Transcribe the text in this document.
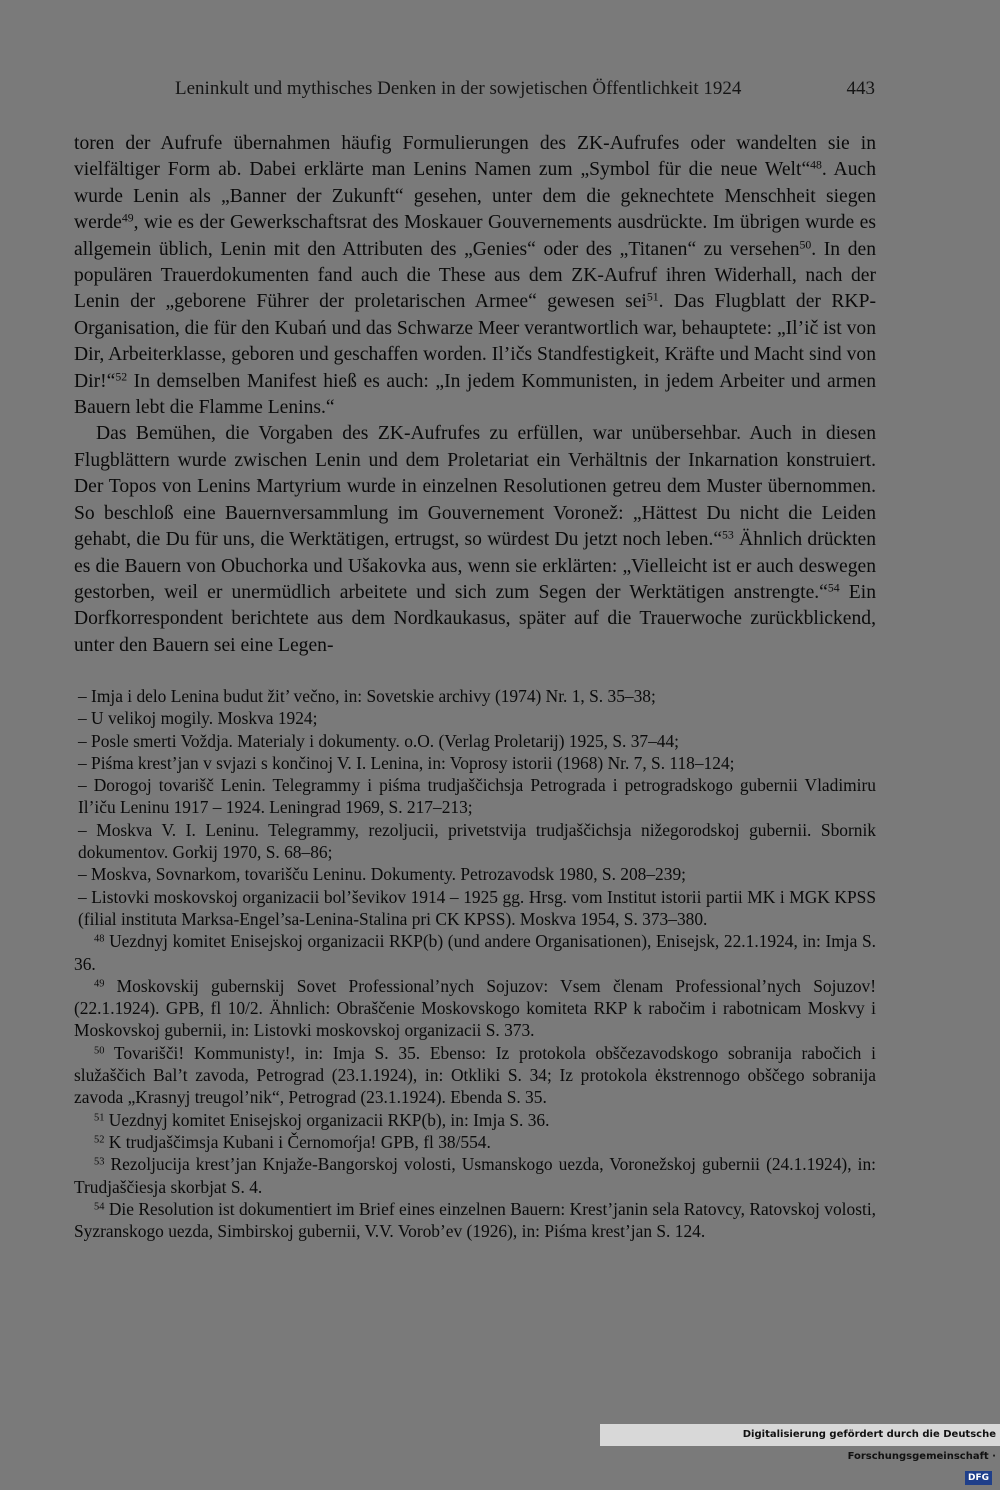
Leninkult und mythisches Denken in der sowjetischen Öffentlichkeit 1924	443

toren der Aufrufe übernahmen häufig Formulierungen des ZK-Aufrufes oder wandelten sie in vielfältiger Form ab. Dabei erklärte man Lenins Namen zum „Symbol für die neue Welt“$^{48}$. Auch wurde Lenin als „Banner der Zukunft“ gesehen, unter dem die geknechtete Menschheit siegen werde$^{49}$, wie es der Gewerkschaftsrat des Moskauer Gouvernements ausdrückte. Im übrigen wurde es allgemein üblich, Lenin mit den Attributen des „Genies“ oder des „Titanen“ zu versehen$^{50}$. In den populären Trauerdokumenten fand auch die These aus dem ZK-Aufruf ihren Widerhall, nach der Lenin der „geborene Führer der proletarischen Armee“ gewesen sei$^{51}$. Das Flugblatt der RKP-Organisation, die für den Kubań und das Schwarze Meer verantwortlich war, behauptete: „Il’ič ist von Dir, Arbeiterklasse, geboren und geschaffen worden. Il’ičs Standfestigkeit, Kräfte und Macht sind von Dir!“$^{52}$ In demselben Manifest hieß es auch: „In jedem Kommunisten, in jedem Arbeiter und armen Bauern lebt die Flamme Lenins.“

Das Bemühen, die Vorgaben des ZK-Aufrufes zu erfüllen, war unübersehbar. Auch in diesen Flugblättern wurde zwischen Lenin und dem Proletariat ein Verhältnis der Inkarnation konstruiert. Der Topos von Lenins Martyrium wurde in einzelnen Resolutionen getreu dem Muster übernommen. So beschloß eine Bauernversammlung im Gouvernement Voronež: „Hättest Du nicht die Leiden gehabt, die Du für uns, die Werktätigen, ertrugst, so würdest Du jetzt noch leben.“$^{53}$ Ähnlich drückten es die Bauern von Obuchorka und Ušakovka aus, wenn sie erklärten: „Vielleicht ist er auch deswegen gestorben, weil er unermüdlich arbeitete und sich zum Segen der Werktätigen anstrengte.“$^{54}$ Ein Dorfkorrespondent berichtete aus dem Nordkaukasus, später auf die Trauerwoche zurückblickend, unter den Bauern sei eine Legen-

– Imja i delo Lenina budut žit’ večno, in: Sovetskie archivy (1974) Nr. 1, S. 35–38;
– U velikoj mogily. Moskva 1924;
– Posle smerti Voždja. Materialy i dokumenty. o.O. (Verlag Proletarij) 1925, S. 37–44;
– Piśma krest’jan v svjazi s končinoj V. I. Lenina, in: Voprosy istorii (1968) Nr. 7, S. 118–124;
– Dorogoj tovarišč Lenin. Telegrammy i piśma trudjaščichsja Petrograda i petrogradskogo gubernii Vladimiru Il’iču Leninu 1917 – 1924. Leningrad 1969, S. 217–213;
– Moskva V. I. Leninu. Telegrammy, rezoljucii, privetstvija trudjaščichsja nižegorodskoj gubernii. Sbornik dokumentov. Gor̕kij 1970, S. 68–86;
– Moskva, Sovnarkom, tovarišču Leninu. Dokumenty. Petrozavodsk 1980, S. 208–239;
– Listovki moskovskoj organizacii bol’ševikov 1914 – 1925 gg. Hrsg. vom Institut istorii partii MK i MGK KPSS (filial instituta Marksa-Engel’sa-Lenina-Stalina pri CK KPSS). Moskva 1954, S. 373–380.

$^{48}$ Uezdnyj komitet Enisejskoj organizacii RKP(b) (und andere Organisationen), Enisejsk, 22.1.1924, in: Imja S. 36.

$^{49}$ Moskovskij gubernskij Sovet Professional’nych Sojuzov: Vsem členam Professional’nych Sojuzov! (22.1.1924). GPB, fl 10/2. Ähnlich: Obraščenie Moskovskogo komiteta RKP k rabočim i rabotnicam Moskvy i Moskovskoj gubernii, in: Listovki moskovskoj organizacii S. 373.

$^{50}$ Tovarišči! Kommunisty!, in: Imja S. 35. Ebenso: Iz protokola obščezavodskogo sobranija rabočich i služaščich Bal’t zavoda, Petrograd (23.1.1924), in: Otkliki S. 34; Iz protokola ėkstrennogo obščego sobranija zavoda „Krasnyj treugol’nik“, Petrograd (23.1.1924). Ebenda S. 35.

$^{51}$ Uezdnyj komitet Enisejskoj organizacii RKP(b), in: Imja S. 36.

$^{52}$ K trudjaščimsja Kubani i Černomoŕja! GPB, fl 38/554.

$^{53}$ Rezoljucija krest’jan Knjaže-Bangorskoj volosti, Usmanskogo uezda, Voronežskoj gubernii (24.1.1924), in: Trudjaščiesja skorbjat S. 4.

$^{54}$ Die Resolution ist dokumentiert im Brief eines einzelnen Bauern: Krest’janin sela Ratovcy, Ratovskoj volosti, Syzranskogo uezda, Simbirskoj gubernii, V.V. Vorob’ev (1926), in: Piśma krest’jan S. 124.

Digitalisierung gefördert durch die Deutsche Forschungsgemeinschaft ·DFG
